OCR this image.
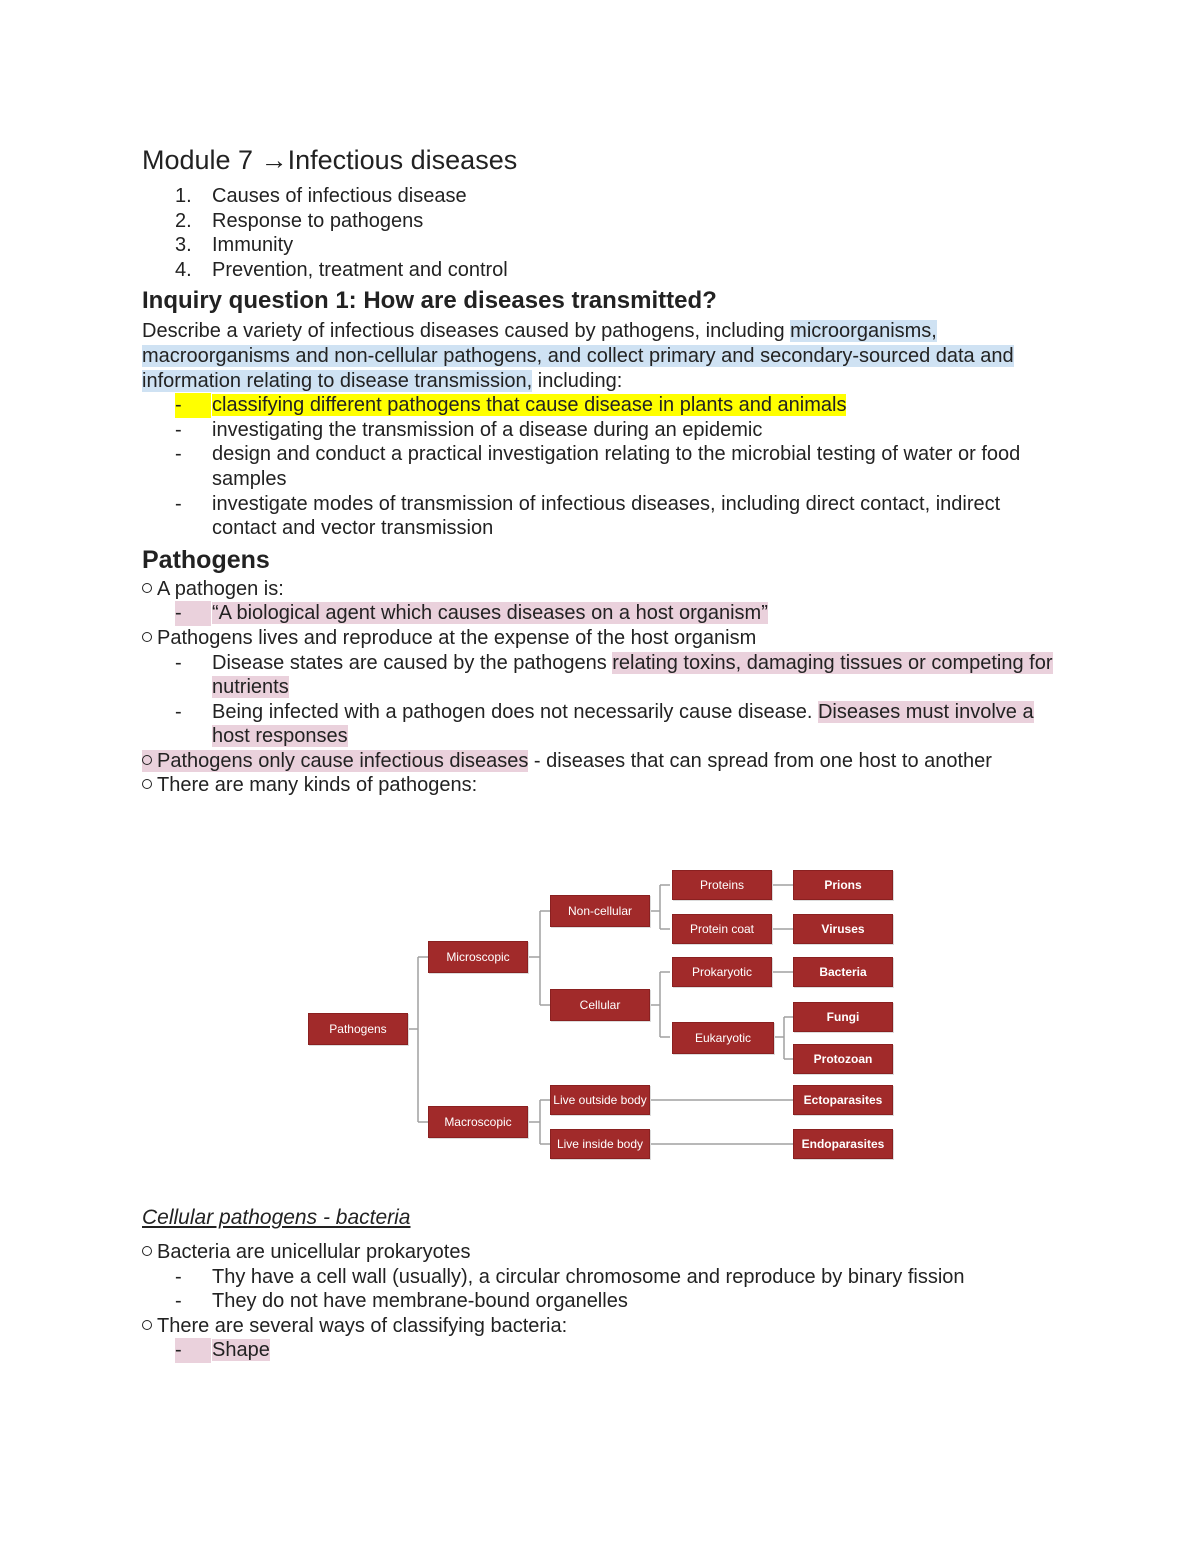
Module 7 →Infectious diseases
1. Causes of infectious disease
2. Response to pathogens
3. Immunity
4. Prevention, treatment and control
Inquiry question 1: How are diseases transmitted?
Describe a variety of infectious diseases caused by pathogens, including microorganisms, macroorganisms and non-cellular pathogens, and collect primary and secondary-sourced data and information relating to disease transmission, including:
-	classifying different pathogens that cause disease in plants and animals
-	investigating the transmission of a disease during an epidemic
-	design and conduct a practical investigation relating to the microbial testing of water or food samples
-	investigate modes of transmission of infectious diseases, including direct contact, indirect contact and vector transmission
Pathogens
A pathogen is:
-	“A biological agent which causes diseases on a host organism”
Pathogens lives and reproduce at the expense of the host organism
-	Disease states are caused by the pathogens relating toxins, damaging tissues or competing for nutrients
-	Being infected with a pathogen does not necessarily cause disease. Diseases must involve a host responses
Pathogens only cause infectious diseases - diseases that can spread from one host to another
There are many kinds of pathogens:
Pathogens
Microscopic
Macroscopic
Non-cellular
Cellular
Proteins
Protein coat
Prokaryotic
Eukaryotic
Live outside body
Live inside body
Prions
Viruses
Bacteria
Fungi
Protozoan
Ectoparasites
Endoparasites
Cellular pathogens - bacteria
Bacteria are unicellular prokaryotes
-	Thy have a cell wall (usually), a circular chromosome and reproduce by binary fission
-	They do not have membrane-bound organelles
There are several ways of classifying bacteria:
-	Shape
